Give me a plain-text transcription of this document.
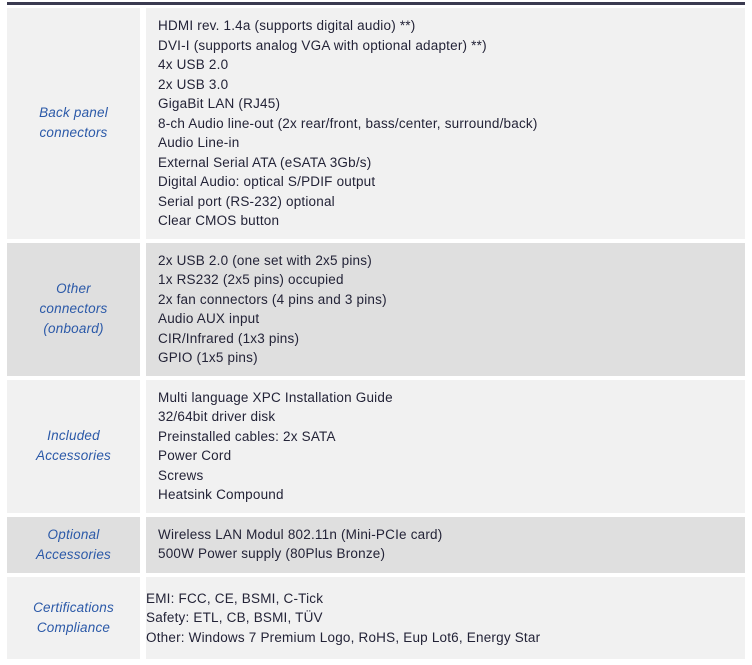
Back panel
connectors
HDMI rev. 1.4a (supports digital audio) **)
DVI-I (supports analog VGA with optional adapter) **)
4x USB 2.0
2x USB 3.0
GigaBit LAN (RJ45)
8-ch Audio line-out (2x rear/front, bass/center, surround/back)
Audio Line-in
External Serial ATA (eSATA 3Gb/s)
Digital Audio: optical S/PDIF output
Serial port (RS-232) optional
Clear CMOS button
Other
connectors
(onboard)
2x USB 2.0 (one set with 2x5 pins)
1x RS232 (2x5 pins) occupied
2x fan connectors (4 pins and 3 pins)
Audio AUX input
CIR/Infrared (1x3 pins)
GPIO (1x5 pins)
Included
Accessories
Multi language XPC Installation Guide
32/64bit driver disk
Preinstalled cables: 2x SATA
Power Cord
Screws
Heatsink Compound
Optional
Accessories
Wireless LAN Modul 802.11n (Mini-PCIe card)
500W Power supply (80Plus Bronze)
Certifications
Compliance
EMI: FCC, CE, BSMI, C-Tick
Safety: ETL, CB, BSMI, TÜV
Other: Windows 7 Premium Logo, RoHS, Eup Lot6, Energy Star
